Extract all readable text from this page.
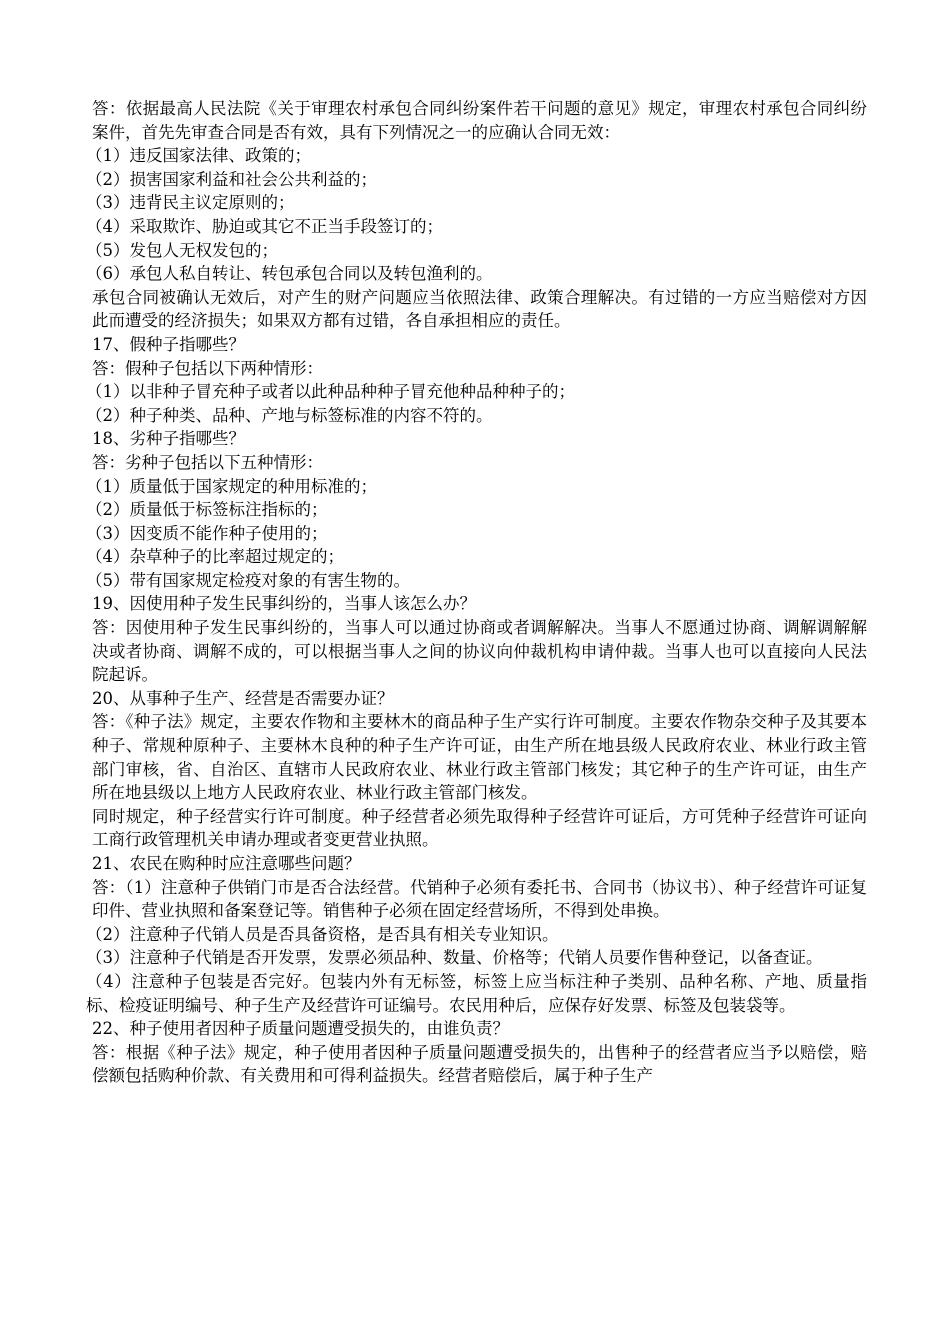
答：依据最高人民法院《关于审理农村承包合同纠纷案件若干问题的意见》规定，审理农村承包合同纠纷案件，首先先审查合同是否有效，具有下列情况之一的应确认合同无效：

（1）违反国家法律、政策的；

（2）损害国家利益和社会公共利益的；

（3）违背民主议定原则的；

（4）采取欺诈、胁迫或其它不正当手段签订的；

（5）发包人无权发包的；

（6）承包人私自转让、转包承包合同以及转包渔利的。

承包合同被确认无效后，对产生的财产问题应当依照法律、政策合理解决。有过错的一方应当赔偿对方因此而遭受的经济损失；如果双方都有过错，各自承担相应的责任。

17、假种子指哪些？

答：假种子包括以下两种情形：

（1）以非种子冒充种子或者以此种品种种子冒充他种品种种子的；

（2）种子种类、品种、产地与标签标准的内容不符的。

18、劣种子指哪些？

答：劣种子包括以下五种情形：

（1）质量低于国家规定的种用标准的；

（2）质量低于标签标注指标的；

（3）因变质不能作种子使用的；

（4）杂草种子的比率超过规定的；

（5）带有国家规定检疫对象的有害生物的。

19、因使用种子发生民事纠纷的，当事人该怎么办？

答：因使用种子发生民事纠纷的，当事人可以通过协商或者调解解决。当事人不愿通过协商、调解调解解决或者协商、调解不成的，可以根据当事人之间的协议向仲裁机构申请仲裁。当事人也可以直接向人民法院起诉。

20、从事种子生产、经营是否需要办证？

答：《种子法》规定，主要农作物和主要林木的商品种子生产实行许可制度。主要农作物杂交种子及其要本种子、常规种原种子、主要林木良种的种子生产许可证，由生产所在地县级人民政府农业、林业行政主管部门审核，省、自治区、直辖市人民政府农业、林业行政主管部门核发；其它种子的生产许可证，由生产所在地县级以上地方人民政府农业、林业行政主管部门核发。

同时规定，种子经营实行许可制度。种子经营者必须先取得种子经营许可证后，方可凭种子经营许可证向工商行政管理机关申请办理或者变更营业执照。

21、农民在购种时应注意哪些问题？

答：（1）注意种子供销门市是否合法经营。代销种子必须有委托书、合同书（协议书）、种子经营许可证复印件、营业执照和备案登记等。销售种子必须在固定经营场所，不得到处串换。

（2）注意种子代销人员是否具备资格，是否具有相关专业知识。

（3）注意种子代销是否开发票，发票必须品种、数量、价格等；代销人员要作售种登记，以备查证。

（4）注意种子包装是否完好。包装内外有无标签，标签上应当标注种子类别、品种名称、产地、质量指标、检疫证明编号、种子生产及经营许可证编号。农民用种后，应保存好发票、标签及包装袋等。

22、种子使用者因种子质量问题遭受损失的，由谁负责？

答：根据《种子法》规定，种子使用者因种子质量问题遭受损失的，出售种子的经营者应当予以赔偿，赔偿额包括购种价款、有关费用和可得利益损失。经营者赔偿后，属于种子生产
